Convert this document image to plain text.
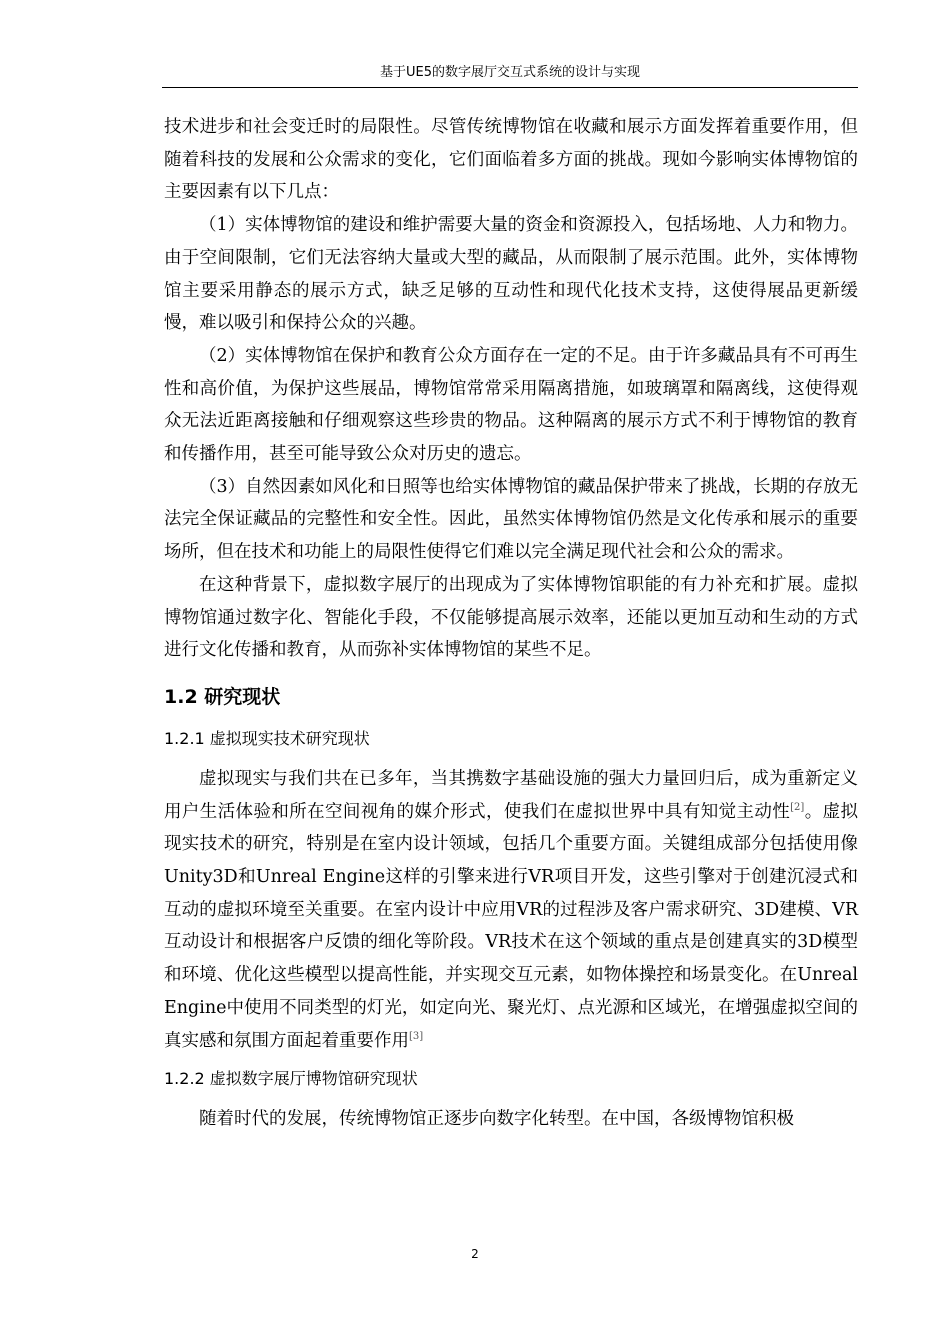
基于UE5的数字展厅交互式系统的设计与实现

技术进步和社会变迁时的局限性。尽管传统博物馆在收藏和展示方面发挥着重要作用，但随着科技的发展和公众需求的变化，它们面临着多方面的挑战。现如今影响实体博物馆的主要因素有以下几点：

（1）实体博物馆的建设和维护需要大量的资金和资源投入，包括场地、人力和物力。由于空间限制，它们无法容纳大量或大型的藏品，从而限制了展示范围。此外，实体博物馆主要采用静态的展示方式，缺乏足够的互动性和现代化技术支持，这使得展品更新缓慢，难以吸引和保持公众的兴趣。

（2）实体博物馆在保护和教育公众方面存在一定的不足。由于许多藏品具有不可再生性和高价值，为保护这些展品，博物馆常常采用隔离措施，如玻璃罩和隔离线，这使得观众无法近距离接触和仔细观察这些珍贵的物品。这种隔离的展示方式不利于博物馆的教育和传播作用，甚至可能导致公众对历史的遗忘。

（3）自然因素如风化和日照等也给实体博物馆的藏品保护带来了挑战，长期的存放无法完全保证藏品的完整性和安全性。因此，虽然实体博物馆仍然是文化传承和展示的重要场所，但在技术和功能上的局限性使得它们难以完全满足现代社会和公众的需求。

在这种背景下，虚拟数字展厅的出现成为了实体博物馆职能的有力补充和扩展。虚拟博物馆通过数字化、智能化手段，不仅能够提高展示效率，还能以更加互动和生动的方式进行文化传播和教育，从而弥补实体博物馆的某些不足。

1.2 研究现状
1.2.1 虚拟现实技术研究现状

虚拟现实与我们共在已多年，当其携数字基础设施的强大力量回归后，成为重新定义用户生活体验和所在空间视角的媒介形式，使我们在虚拟世界中具有知觉主动性[2]。虚拟现实技术的研究，特别是在室内设计领域，包括几个重要方面。关键组成部分包括使用像Unity3D和Unreal Engine这样的引擎来进行VR项目开发，这些引擎对于创建沉浸式和互动的虚拟环境至关重要。在室内设计中应用VR的过程涉及客户需求研究、3D建模、VR互动设计和根据客户反馈的细化等阶段。VR技术在这个领域的重点是创建真实的3D模型和环境、优化这些模型以提高性能，并实现交互元素，如物体操控和场景变化。在Unreal Engine中使用不同类型的灯光，如定向光、聚光灯、点光源和区域光，在增强虚拟空间的真实感和氛围方面起着重要作用[3]

1.2.2 虚拟数字展厅博物馆研究现状

随着时代的发展，传统博物馆正逐步向数字化转型。在中国，各级博物馆积极

2
